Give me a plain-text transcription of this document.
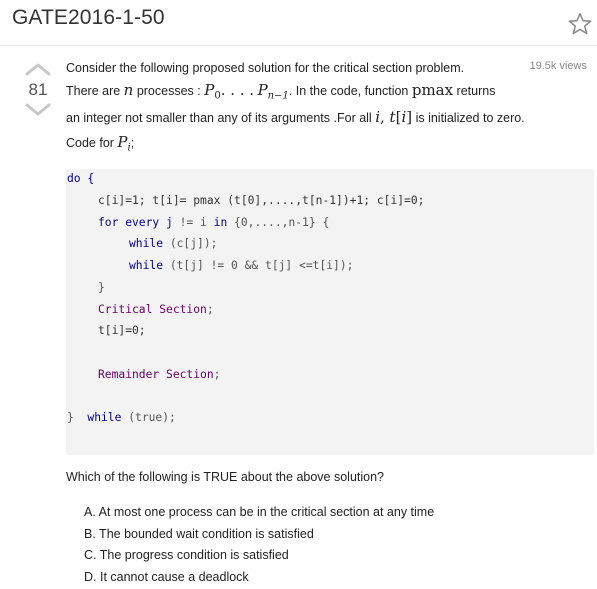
GATE2016-1-50
81
19.5k views
Consider the following proposed solution for the critical section problem.
There are n processes : $P_0$. . . . $P_{n-1}$. In the code, function pmax returns
an integer not smaller than any of its arguments .For all i, t[i] is initialized to zero.
Code for $P_i$;
do {
c[i]=1; t[i]= pmax (t[0],....,t[n-1])+1; c[i]=0;
for every j != i in {0,....,n-1} {
while (c[j]);
while (t[j] != 0 && t[j] <=t[i]);
}
Critical Section;
t[i]=0;
Remainder Section;
}  while (true);
Which of the following is TRUE about the above solution?
A. At most one process can be in the critical section at any time
B. The bounded wait condition is satisfied
C. The progress condition is satisfied
D. It cannot cause a deadlock
